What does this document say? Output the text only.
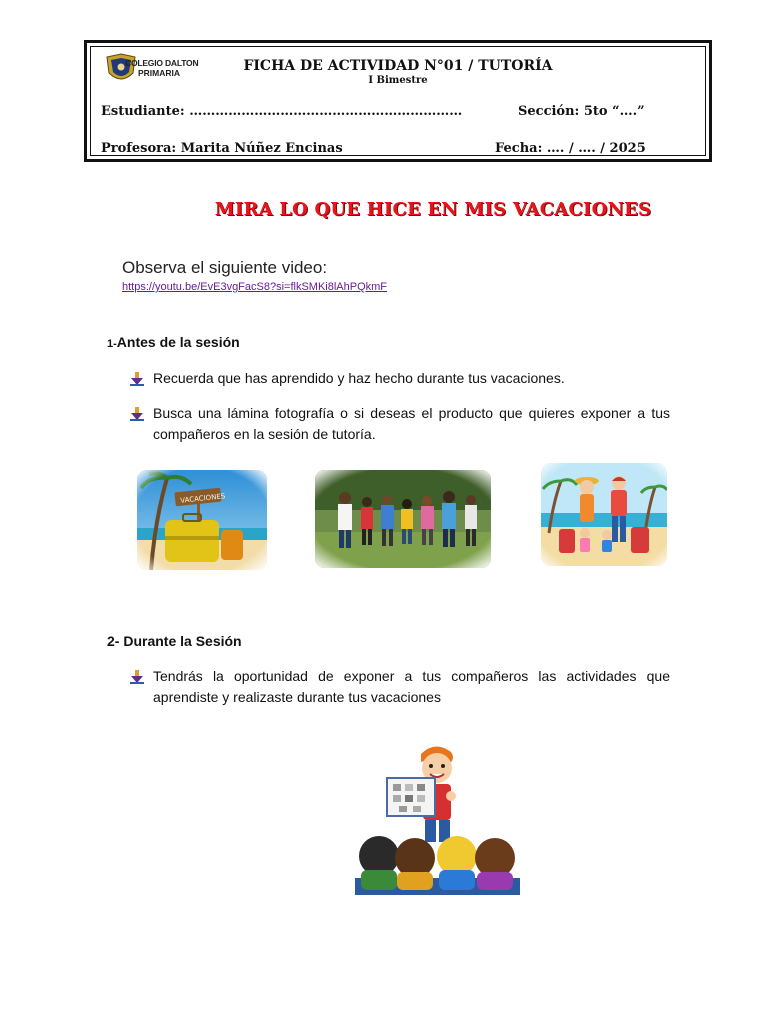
COLEGIO DALTON
PRIMARIA	FICHA DE ACTIVIDAD N°01 / TUTORÍA
I Bimestre
Estudiante: ………………………………………………………	Sección: 5to “….”
Profesora: Marita Núñez Encinas	Fecha: …. / …. / 2025
MIRA LO QUE HICE EN MIS VACACIONES
Observa el siguiente video:
https://youtu.be/EvE3vgFacS8?si=flkSMKi8lAhPQkmF
1-Antes de la sesión
Recuerda que has aprendido y haz hecho durante tus vacaciones.
Busca una lámina fotografía o si deseas el producto que quieres exponer a tus compañeros en la sesión de tutoría.
2- Durante la Sesión
Tendrás la oportunidad de exponer a tus compañeros las actividades que aprendiste y realizaste durante tus vacaciones
